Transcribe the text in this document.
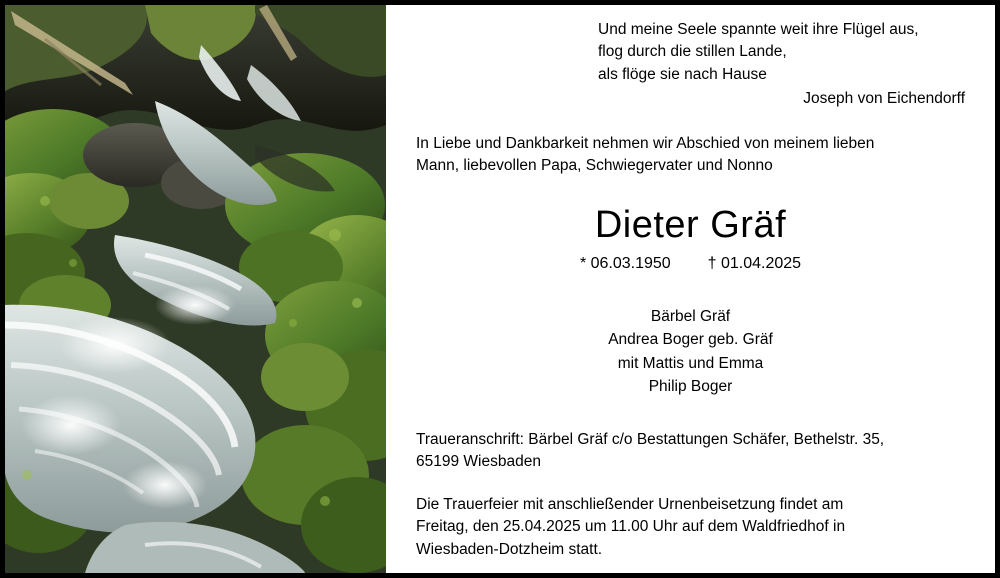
Und meine Seele spannte weit ihre Flügel aus,
flog durch die stillen Lande,
als flöge sie nach Hause
Joseph von Eichendorff
In Liebe und Dankbarkeit nehmen wir Abschied von meinem lieben
Mann, liebevollen Papa, Schwiegervater und Nonno
Dieter Gräf
* 06.03.1950 † 01.04.2025
Bärbel Gräf
Andrea Boger geb. Gräf
mit Mattis und Emma
Philip Boger
Traueranschrift: Bärbel Gräf c/o Bestattungen Schäfer, Bethelstr. 35,
65199 Wiesbaden
Die Trauerfeier mit anschließender Urnenbeisetzung findet am
Freitag, den 25.04.2025 um 11.00 Uhr auf dem Waldfriedhof in
Wiesbaden-Dotzheim statt.
